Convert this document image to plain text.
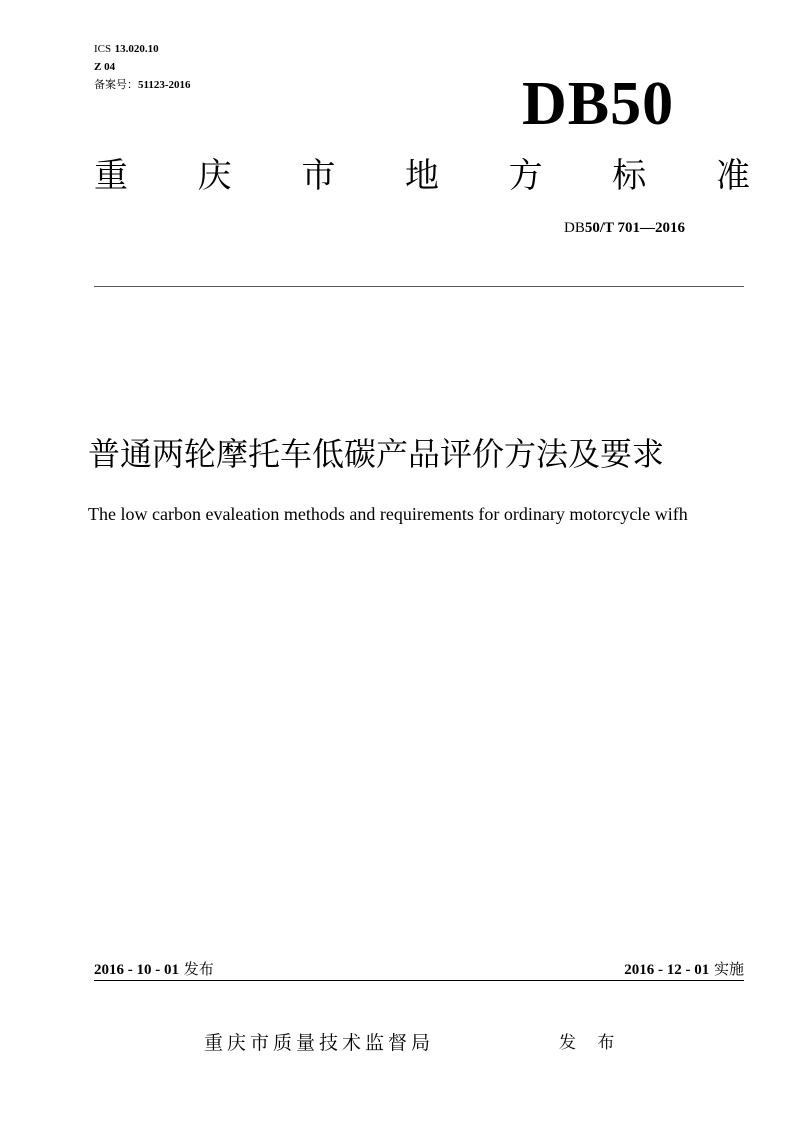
ICS 13.020.10
Z 04
备案号：51123-2016	DB50
重 庆 市 地 方 标 准
DB50/T 701—2016
普通两轮摩托车低碳产品评价方法及要求
The low carbon evaleation methods and requirements for ordinary motorcycle wifh
2016 - 10 - 01 发布	2016 - 12 - 01 实施
重庆市质量技术监督局	发 布
